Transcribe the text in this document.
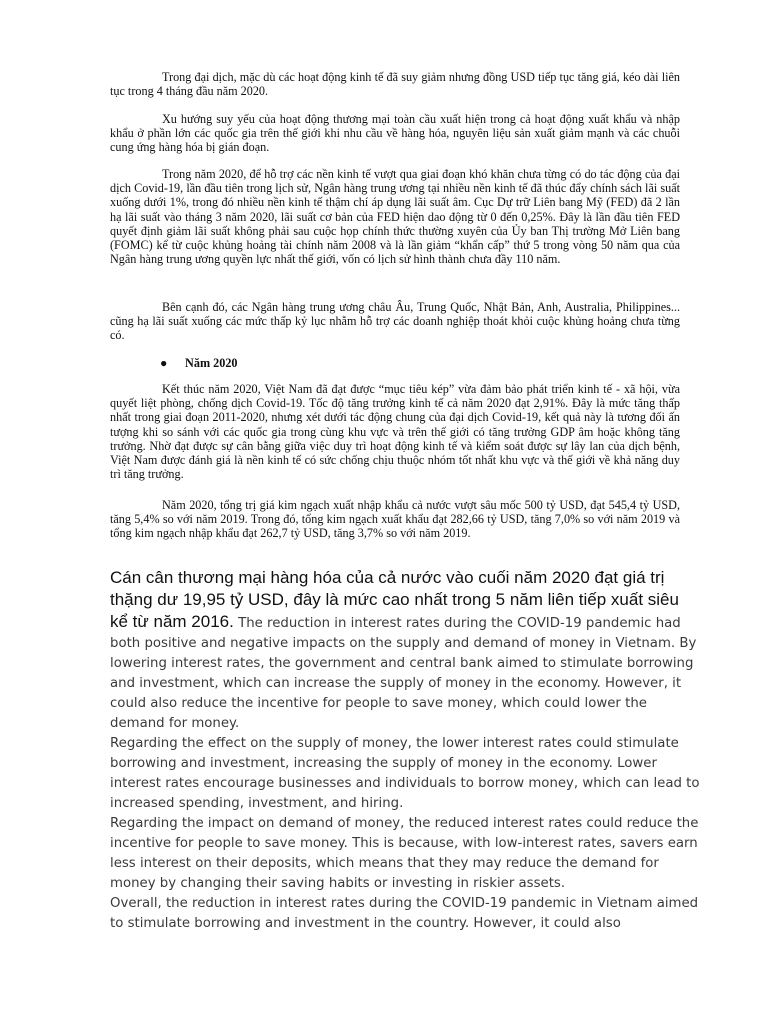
Trong đại dịch, mặc dù các hoạt động kinh tế đã suy giảm nhưng đồng USD tiếp tục tăng giá, kéo dài liên tục trong 4 tháng đầu năm 2020.

Xu hướng suy yếu của hoạt động thương mại toàn cầu xuất hiện trong cả hoạt động xuất khẩu và nhập khẩu ở phần lớn các quốc gia trên thế giới khi nhu cầu về hàng hóa, nguyên liệu sản xuất giảm mạnh và các chuỗi cung ứng hàng hóa bị gián đoạn.

Trong năm 2020, để hỗ trợ các nền kinh tế vượt qua giai đoạn khó khăn chưa từng có do tác động của đại dịch Covid-19, lần đầu tiên trong lịch sử, Ngân hàng trung ương tại nhiều nền kinh tế đã thúc đẩy chính sách lãi suất xuống dưới 1%, trong đó nhiều nền kinh tế thậm chí áp dụng lãi suất âm. Cục Dự trữ Liên bang Mỹ (FED) đã 2 lần hạ lãi suất vào tháng 3 năm 2020, lãi suất cơ bản của FED hiện dao động từ 0 đến 0,25%. Đây là lần đầu tiên FED quyết định giảm lãi suất không phải sau cuộc họp chính thức thường xuyên của Ủy ban Thị trường Mở Liên bang (FOMC) kể từ cuộc khủng hoảng tài chính năm 2008 và là lần giảm “khẩn cấp” thứ 5 trong vòng 50 năm qua của Ngân hàng trung ương quyền lực nhất thế giới, vốn có lịch sử hình thành chưa đầy 110 năm.

Bên cạnh đó, các Ngân hàng trung ương châu Âu, Trung Quốc, Nhật Bản, Anh, Australia, Philippines... cũng hạ lãi suất xuống các mức thấp kỷ lục nhằm hỗ trợ các doanh nghiệp thoát khỏi cuộc khủng hoảng chưa từng có.

● Năm 2020

Kết thúc năm 2020, Việt Nam đã đạt được “mục tiêu kép” vừa đảm bảo phát triển kinh tế - xã hội, vừa quyết liệt phòng, chống dịch Covid-19. Tốc độ tăng trưởng kinh tế cả năm 2020 đạt 2,91%. Đây là mức tăng thấp nhất trong giai đoạn 2011-2020, nhưng xét dưới tác động chung của đại dịch Covid-19, kết quả này là tương đối ấn tượng khi so sánh với các quốc gia trong cùng khu vực và trên thế giới có tăng trưởng GDP âm hoặc không tăng trưởng. Nhờ đạt được sự cân bằng giữa việc duy trì hoạt động kinh tế và kiểm soát được sự lây lan của dịch bệnh, Việt Nam được đánh giá là nền kinh tế có sức chống chịu thuộc nhóm tốt nhất khu vực và thế giới về khả năng duy trì tăng trưởng.

Năm 2020, tổng trị giá kim ngạch xuất nhập khẩu cả nước vượt sâu mốc 500 tỷ USD, đạt 545,4 tỷ USD, tăng 5,4% so với năm 2019. Trong đó, tổng kim ngạch xuất khẩu đạt 282,66 tỷ USD, tăng 7,0% so với năm 2019 và tổng kim ngạch nhập khẩu đạt 262,7 tỷ USD, tăng 3,7% so với năm 2019.

Cán cân thương mại hàng hóa của cả nước vào cuối năm 2020 đạt giá trị thặng dư 19,95 tỷ USD, đây là mức cao nhất trong 5 năm liên tiếp xuất siêu kể từ năm 2016. The reduction in interest rates during the COVID-19 pandemic had both positive and negative impacts on the supply and demand of money in Vietnam. By lowering interest rates, the government and central bank aimed to stimulate borrowing and investment, which can increase the supply of money in the economy. However, it could also reduce the incentive for people to save money, which could lower the demand for money.

Regarding the effect on the supply of money, the lower interest rates could stimulate borrowing and investment, increasing the supply of money in the economy. Lower interest rates encourage businesses and individuals to borrow money, which can lead to increased spending, investment, and hiring.

Regarding the impact on demand of money, the reduced interest rates could reduce the incentive for people to save money. This is because, with low-interest rates, savers earn less interest on their deposits, which means that they may reduce the demand for money by changing their saving habits or investing in riskier assets.

Overall, the reduction in interest rates during the COVID-19 pandemic in Vietnam aimed to stimulate borrowing and investment in the country. However, it could also
